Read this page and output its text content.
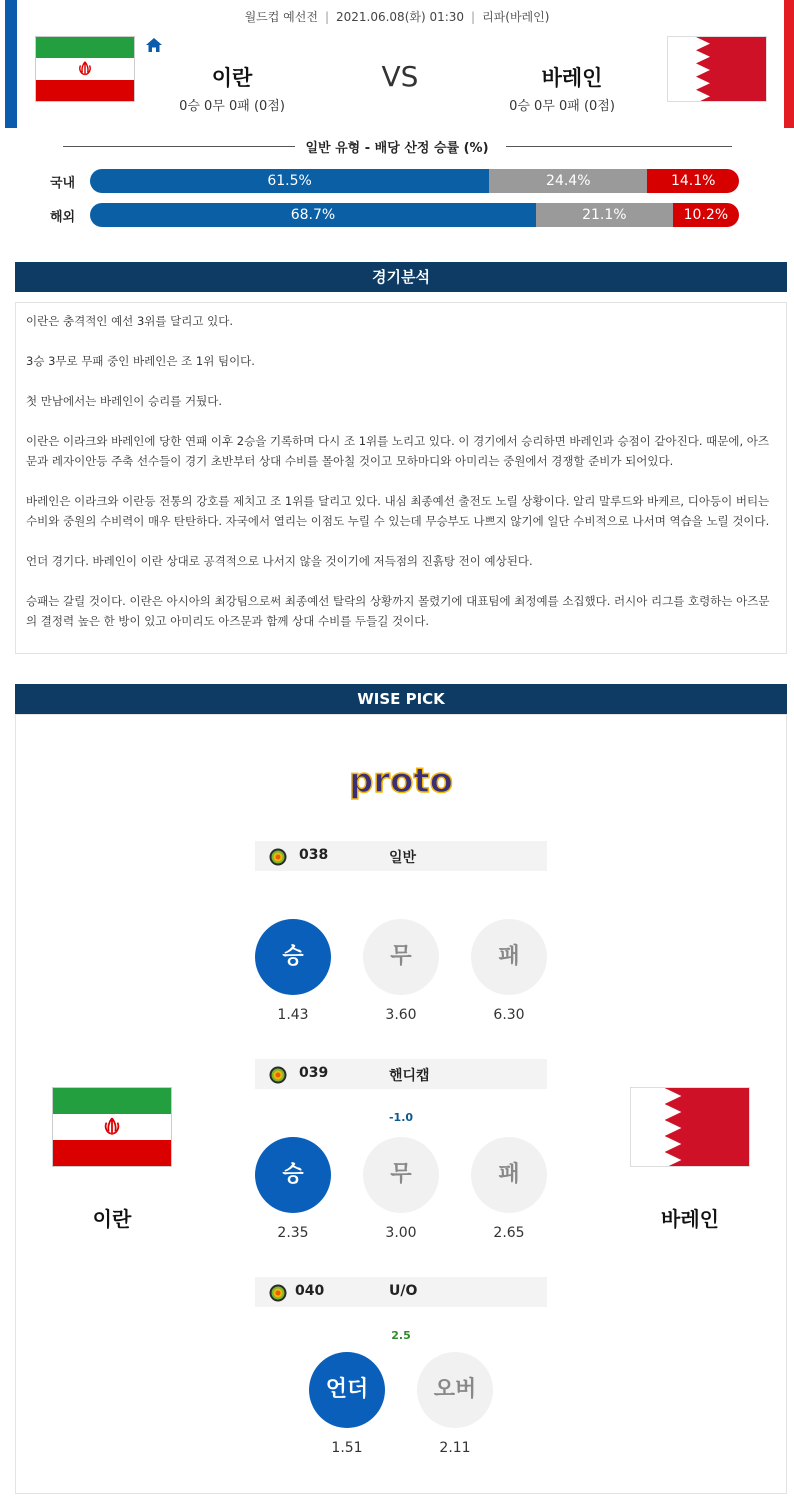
월드컵 예선전 | 2021.06.08(화) 01:30 | 리파(바레인)
이란
0승 0무 0패 (0점)
VS	바레인
0승 0무 0패 (0점)
일반 유형 - 배당 산정 승률 (%)
국내	61.5%	24.4%	14.1%
해외	68.7%	21.1%	10.2%
경기분석

이란은 충격적인 예선 3위를 달리고 있다.

3승 3무로 무패 중인 바레인은 조 1위 팀이다.

첫 만남에서는 바레인이 승리를 거뒀다.

이란은 이라크와 바레인에 당한 연패 이후 2승을 기록하며 다시 조 1위를 노리고 있다. 이 경기에서 승리하면 바레인과 승점이 같아진다. 때문에, 아즈문과 레자이안등 주축 선수들이 경기 초반부터 상대 수비를 몰아칠 것이고 모하마디와 아미리는 중원에서 경쟁할 준비가 되어있다.

바레인은 이라크와 이란등 전통의 강호를 제치고 조 1위를 달리고 있다. 내심 최종예선 출전도 노릴 상황이다. 알리 말루드와 바케르, 디아등이 버티는 수비와 중원의 수비력이 매우 탄탄하다. 자국에서 열리는 이점도 누릴 수 있는데 무승부도 나쁘지 않기에 일단 수비적으로 나서며 역습을 노릴 것이다.

언더 경기다. 바레인이 이란 상대로 공격적으로 나서지 않을 것이기에 저득점의 진흙탕 전이 예상된다.

승패는 갈릴 것이다. 이란은 아시아의 최강팀으로써 최종예선 탈락의 상황까지 몰렸기에 대표팀에 최정예를 소집했다. 러시아 리그를 호령하는 아즈문의 결정력 높은 한 방이 있고 아미리도 아즈문과 함께 상대 수비를 두들길 것이다.

WISE PICK
proto
038	일반
승	무	패
1.43	3.60	6.30
039	핸디캡
-1.0
승	무	패
2.35	3.00	2.65
040	U/O
2.5
언더	오버
1.51	2.11
이란	바레인
